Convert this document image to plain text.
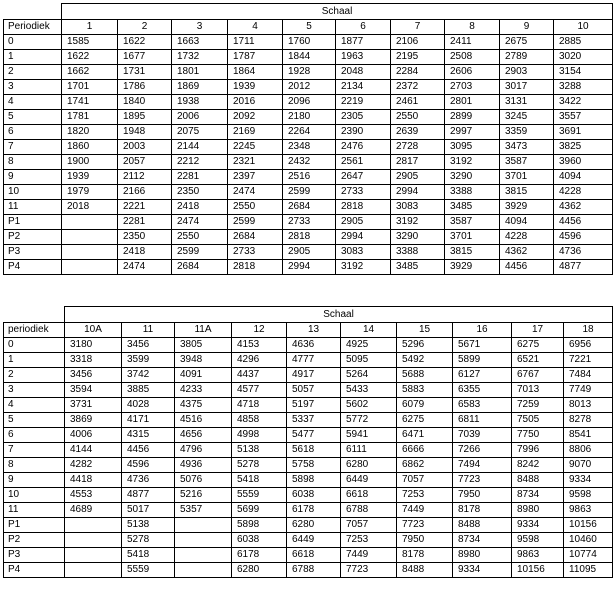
	Schaal									
Periodiek	1	2	3	4	5	6	7	8	9	10
0	1585	1622	1663	1711	1760	1877	2106	2411	2675	2885
1	1622	1677	1732	1787	1844	1963	2195	2508	2789	3020
2	1662	1731	1801	1864	1928	2048	2284	2606	2903	3154
3	1701	1786	1869	1939	2012	2134	2372	2703	3017	3288
4	1741	1840	1938	2016	2096	2219	2461	2801	3131	3422
5	1781	1895	2006	2092	2180	2305	2550	2899	3245	3557
6	1820	1948	2075	2169	2264	2390	2639	2997	3359	3691
7	1860	2003	2144	2245	2348	2476	2728	3095	3473	3825
8	1900	2057	2212	2321	2432	2561	2817	3192	3587	3960
9	1939	2112	2281	2397	2516	2647	2905	3290	3701	4094
10	1979	2166	2350	2474	2599	2733	2994	3388	3815	4228
11	2018	2221	2418	2550	2684	2818	3083	3485	3929	4362
P1		2281	2474	2599	2733	2905	3192	3587	4094	4456
P2		2350	2550	2684	2818	2994	3290	3701	4228	4596
P3		2418	2599	2733	2905	3083	3388	3815	4362	4736
P4		2474	2684	2818	2994	3192	3485	3929	4456	4877
	Schaal									
periodiek	10A	11	11A	12	13	14	15	16	17	18
0	3180	3456	3805	4153	4636	4925	5296	5671	6275	6956
1	3318	3599	3948	4296	4777	5095	5492	5899	6521	7221
2	3456	3742	4091	4437	4917	5264	5688	6127	6767	7484
3	3594	3885	4233	4577	5057	5433	5883	6355	7013	7749
4	3731	4028	4375	4718	5197	5602	6079	6583	7259	8013
5	3869	4171	4516	4858	5337	5772	6275	6811	7505	8278
6	4006	4315	4656	4998	5477	5941	6471	7039	7750	8541
7	4144	4456	4796	5138	5618	6111	6666	7266	7996	8806
8	4282	4596	4936	5278	5758	6280	6862	7494	8242	9070
9	4418	4736	5076	5418	5898	6449	7057	7723	8488	9334
10	4553	4877	5216	5559	6038	6618	7253	7950	8734	9598
11	4689	5017	5357	5699	6178	6788	7449	8178	8980	9863
P1		5138		5898	6280	7057	7723	8488	9334	10156
P2		5278		6038	6449	7253	7950	8734	9598	10460
P3		5418		6178	6618	7449	8178	8980	9863	10774
P4		5559		6280	6788	7723	8488	9334	10156	11095
